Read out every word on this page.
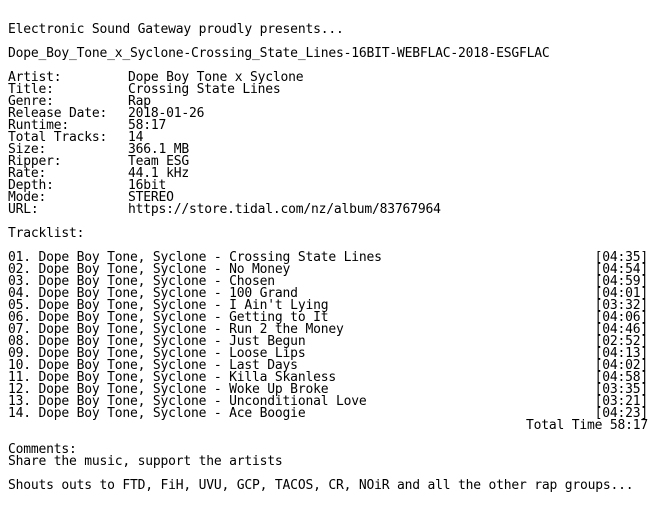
Electronic Sound Gateway proudly presents...
Dope_Boy_Tone_x_Syclone-Crossing_State_Lines-16BIT-WEBFLAC-2018-ESGFLAC
Artist:	Dope Boy Tone x Syclone
Title:	Crossing State Lines
Genre:	Rap
Release Date:	2018-01-26
Runtime:	58:17
Total Tracks:	14
Size:	366.1 MB
Ripper:	Team ESG
Rate:	44.1 kHz
Depth:	16bit
Mode:	STEREO
URL:	https://store.tidal.com/nz/album/83767964
Tracklist:
01. Dope Boy Tone, Syclone - Crossing State Lines	[04:35]
02. Dope Boy Tone, Syclone - No Money	[04:54]
03. Dope Boy Tone, Syclone - Chosen	[04:59]
04. Dope Boy Tone, Syclone - 100 Grand	[04:01]
05. Dope Boy Tone, Syclone - I Ain't Lying	[03:32]
06. Dope Boy Tone, Syclone - Getting to It	[04:06]
07. Dope Boy Tone, Syclone - Run 2 the Money	[04:46]
08. Dope Boy Tone, Syclone - Just Begun	[02:52]
09. Dope Boy Tone, Syclone - Loose Lips	[04:13]
10. Dope Boy Tone, Syclone - Last Days	[04:02]
11. Dope Boy Tone, Syclone - Killa Skanless	[04:58]
12. Dope Boy Tone, Syclone - Woke Up Broke	[03:35]
13. Dope Boy Tone, Syclone - Unconditional Love	[03:21]
14. Dope Boy Tone, Syclone - Ace Boogie	[04:23]
Total Time 58:17
Comments:
Share the music, support the artists
Shouts outs to FTD, FiH, UVU, GCP, TACOS, CR, NOiR and all the other rap groups...
